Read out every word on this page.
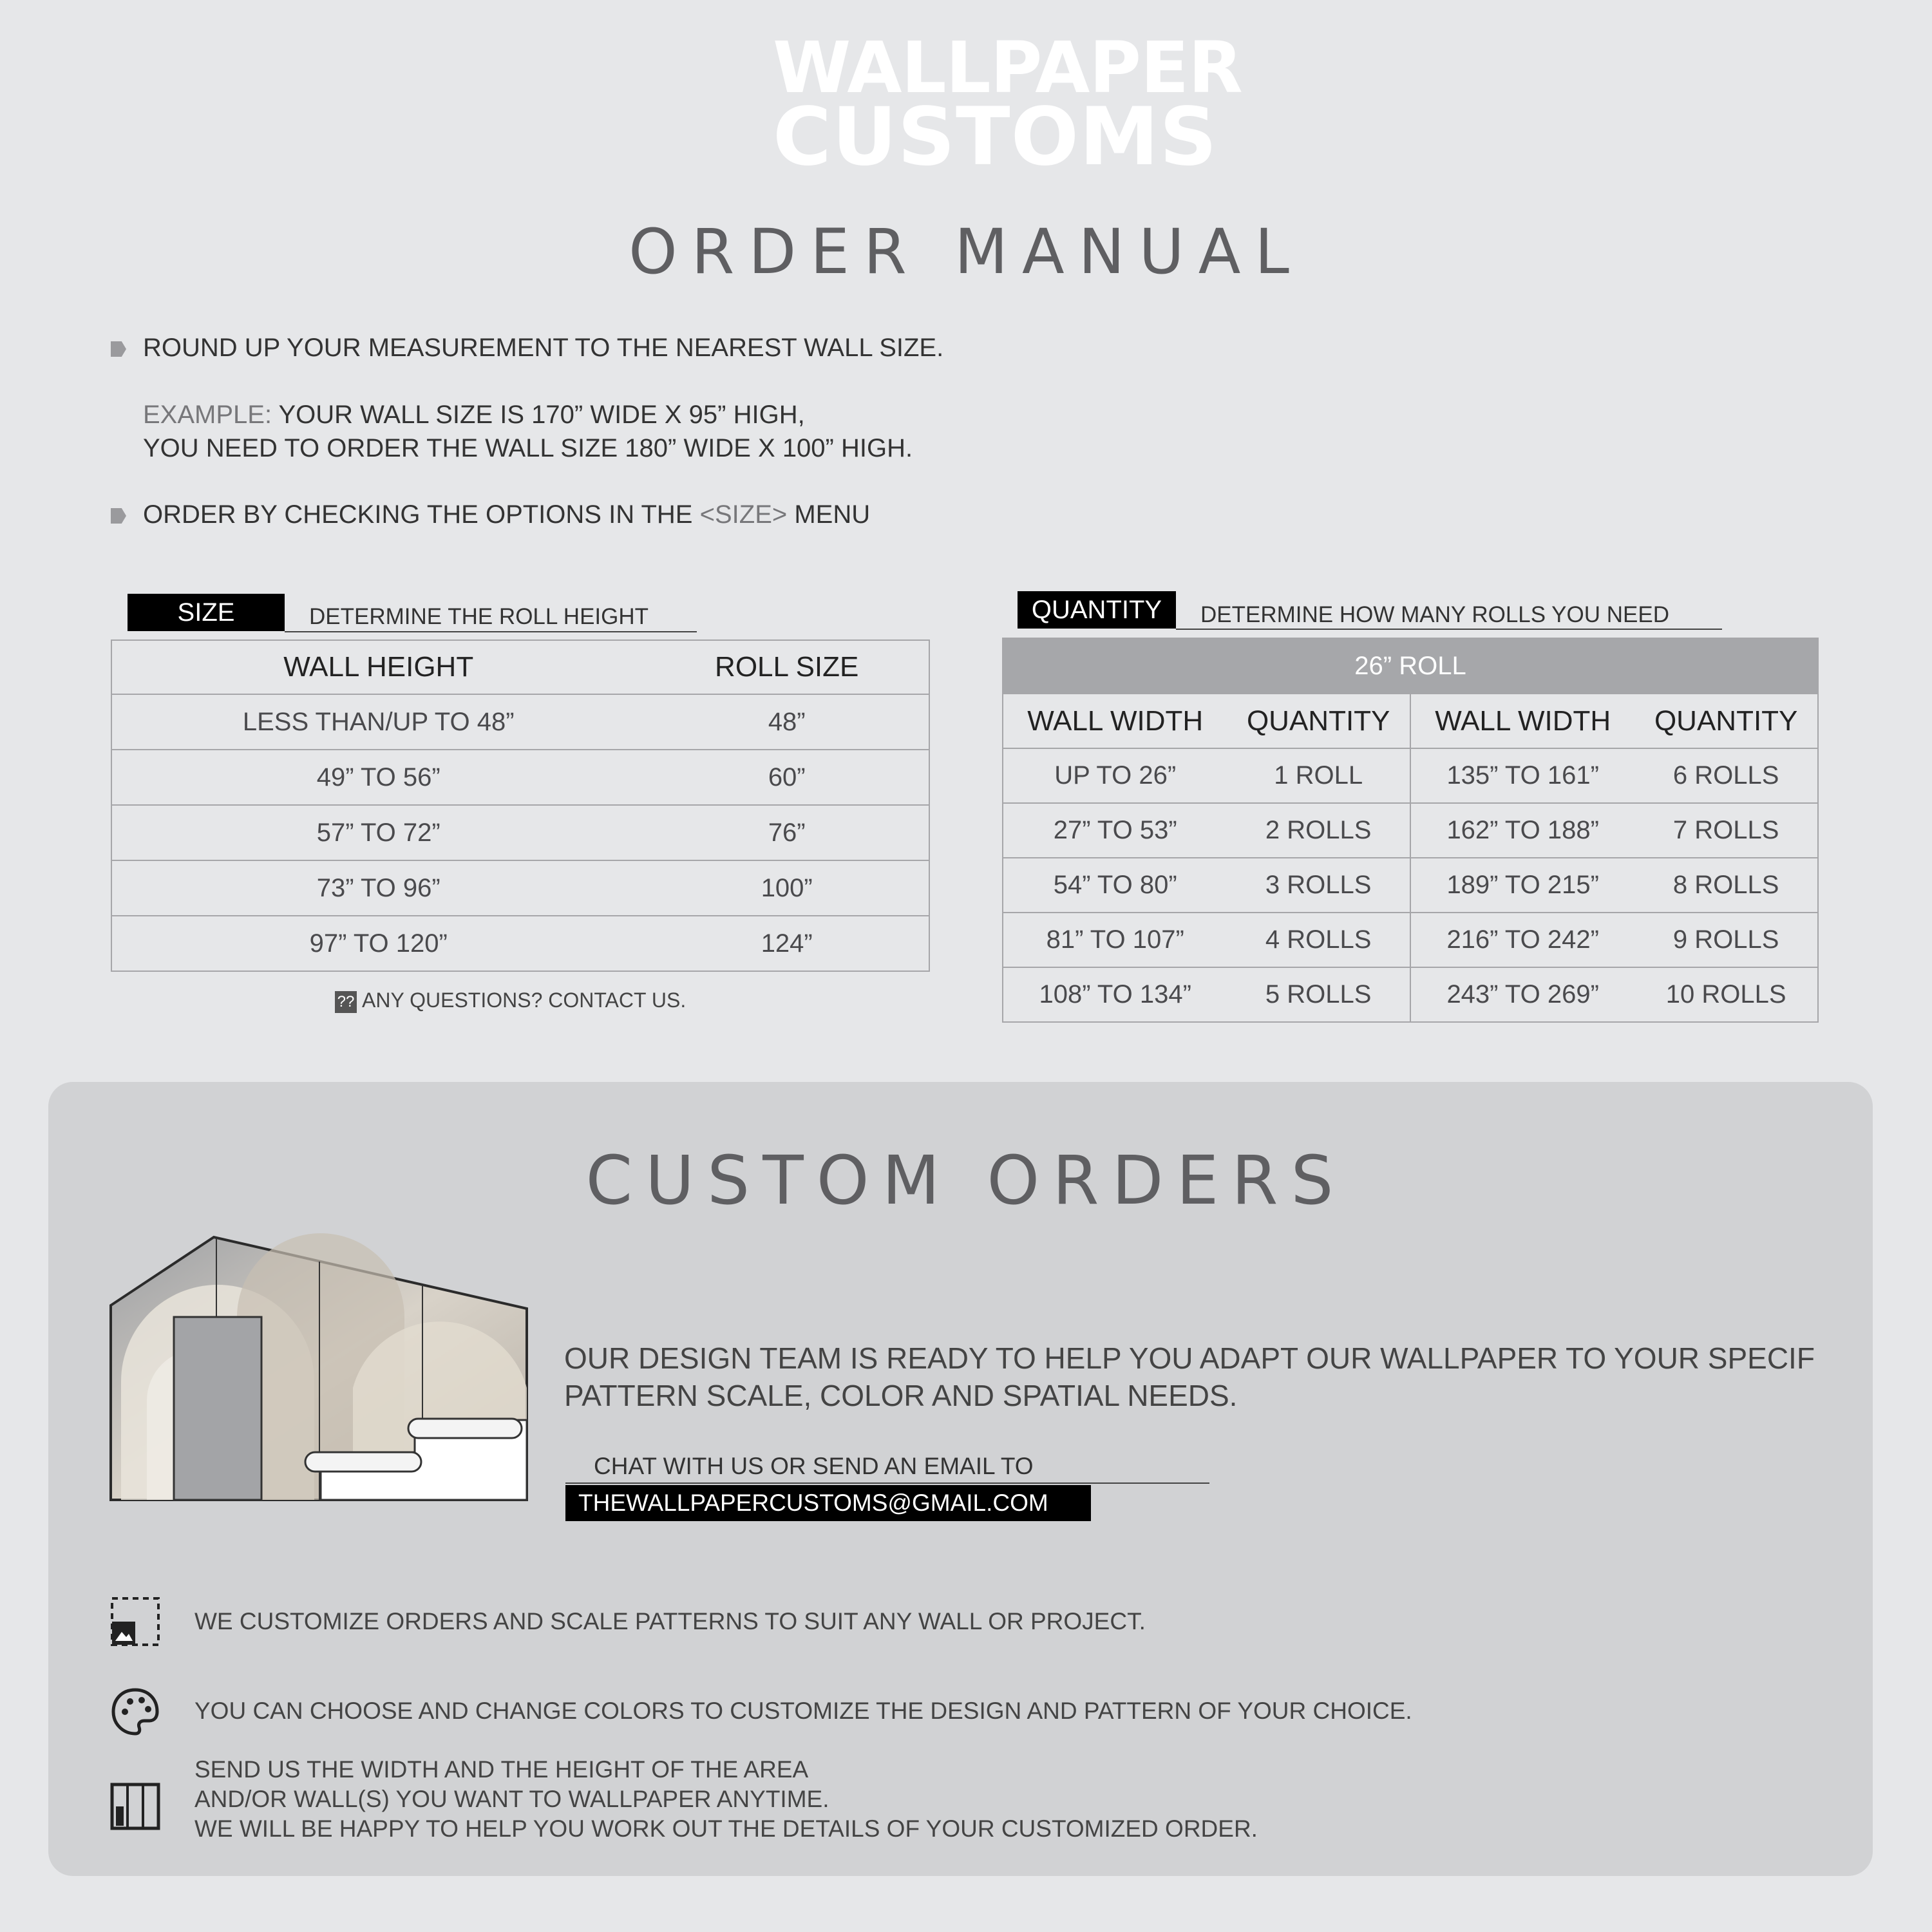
WALLPAPER
CUSTOMS
ORDER MANUAL
ROUND UP YOUR MEASUREMENT TO THE NEAREST WALL SIZE.
EXAMPLE: YOUR WALL SIZE IS 170” WIDE X 95” HIGH,
YOU NEED TO ORDER THE WALL SIZE 180” WIDE X 100” HIGH.
ORDER BY CHECKING THE OPTIONS IN THE <SIZE> MENU
SIZE	DETERMINE THE ROLL HEIGHT
WALL HEIGHT	ROLL SIZE
LESS THAN/UP TO 48”	48”
49” TO 56”	60”
57” TO 72”	76”
73” TO 96”	100”
97” TO 120”	124”
?? ANY QUESTIONS? CONTACT US.
QUANTITY	DETERMINE HOW MANY ROLLS YOU NEED
26” ROLL			
WALL WIDTH	QUANTITY	WALL WIDTH	QUANTITY
UP TO 26”	1 ROLL	135” TO 161”	6 ROLLS
27” TO 53”	2 ROLLS	162” TO 188”	7 ROLLS
54” TO 80”	3 ROLLS	189” TO 215”	8 ROLLS
81” TO 107”	4 ROLLS	216” TO 242”	9 ROLLS
108” TO 134”	5 ROLLS	243” TO 269”	10 ROLLS
CUSTOM ORDERS
OUR DESIGN TEAM IS READY TO HELP YOU ADAPT OUR WALLPAPER TO YOUR SPECIF
PATTERN SCALE, COLOR AND SPATIAL NEEDS.
CHAT WITH US OR SEND AN EMAIL TO
THEWALLPAPERCUSTOMS@GMAIL.COM
WE CUSTOMIZE ORDERS AND SCALE PATTERNS TO SUIT ANY WALL OR PROJECT.
YOU CAN CHOOSE AND CHANGE COLORS TO CUSTOMIZE THE DESIGN AND PATTERN OF YOUR CHOICE.
SEND US THE WIDTH AND THE HEIGHT OF THE AREA
AND/OR WALL(S) YOU WANT TO WALLPAPER ANYTIME.
WE WILL BE HAPPY TO HELP YOU WORK OUT THE DETAILS OF YOUR CUSTOMIZED ORDER.
